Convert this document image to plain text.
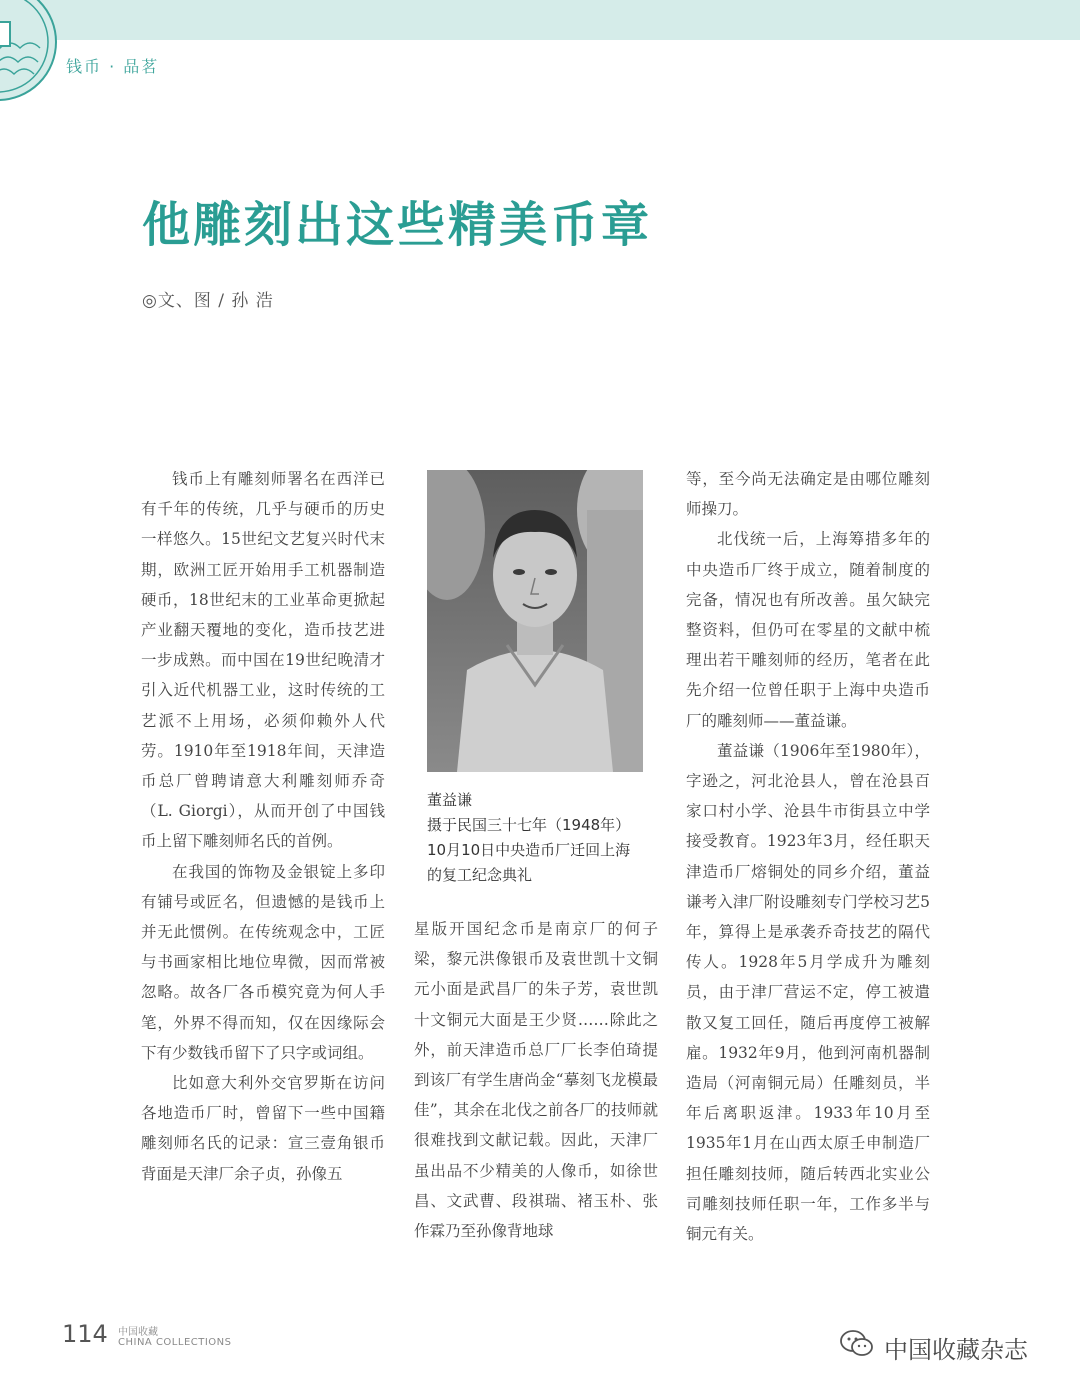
钱币 · 品茗
他雕刻出这些精美币章
◎文、图 / 孙 浩

钱币上有雕刻师署名在西洋已有千年的传统，几乎与硬币的历史一样悠久。15世纪文艺复兴时代末期，欧洲工匠开始用手工机器制造硬币，18世纪末的工业革命更掀起产业翻天覆地的变化，造币技艺进一步成熟。而中国在19世纪晚清才引入近代机器工业，这时传统的工艺派不上用场，必须仰赖外人代劳。1910年至1918年间，天津造币总厂曾聘请意大利雕刻师乔奇（L. Giorgi），从而开创了中国钱币上留下雕刻师名氏的首例。

在我国的饰物及金银锭上多印有铺号或匠名，但遗憾的是钱币上并无此惯例。在传统观念中，工匠与书画家相比地位卑微，因而常被忽略。故各厂各币模究竟为何人手笔，外界不得而知，仅在因缘际会下有少数钱币留下了只字或词组。

比如意大利外交官罗斯在访问各地造币厂时，曾留下一些中国籍雕刻师名氏的记录：宣三壹角银币背面是天津厂余子贞，孙像五

董益谦
摄于民国三十七年（1948年）
10月10日中央造币厂迁回上海
的复工纪念典礼

星版开国纪念币是南京厂的何子梁，黎元洪像银币及袁世凯十文铜元小面是武昌厂的朱子芳，袁世凯十文铜元大面是王少贤……除此之外，前天津造币总厂厂长李伯琦提到该厂有学生唐尚金“摹刻飞龙模最佳”，其余在北伐之前各厂的技师就很难找到文献记载。因此，天津厂虽出品不少精美的人像币，如徐世昌、文武曹、段祺瑞、褚玉朴、张作霖乃至孙像背地球

等，至今尚无法确定是由哪位雕刻师操刀。

北伐统一后，上海筹措多年的中央造币厂终于成立，随着制度的完备，情况也有所改善。虽欠缺完整资料，但仍可在零星的文献中梳理出若干雕刻师的经历，笔者在此先介绍一位曾任职于上海中央造币厂的雕刻师——董益谦。

董益谦（1906年至1980年），字逊之，河北沧县人，曾在沧县百家口村小学、沧县牛市街县立中学接受教育。1923年3月，经任职天津造币厂熔铜处的同乡介绍，董益谦考入津厂附设雕刻专门学校习艺5年，算得上是承袭乔奇技艺的隔代传人。1928年5月学成升为雕刻员，由于津厂营运不定，停工被遣散又复工回任，随后再度停工被解雇。1932年9月，他到河南机器制造局（河南铜元局）任雕刻员，半年后离职返津。1933年10月至1935年1月在山西太原壬申制造厂担任雕刻技师，随后转西北实业公司雕刻技师任职一年，工作多半与铜元有关。

114 中国收藏
CHINA COLLECTIONS	中国收藏杂志
